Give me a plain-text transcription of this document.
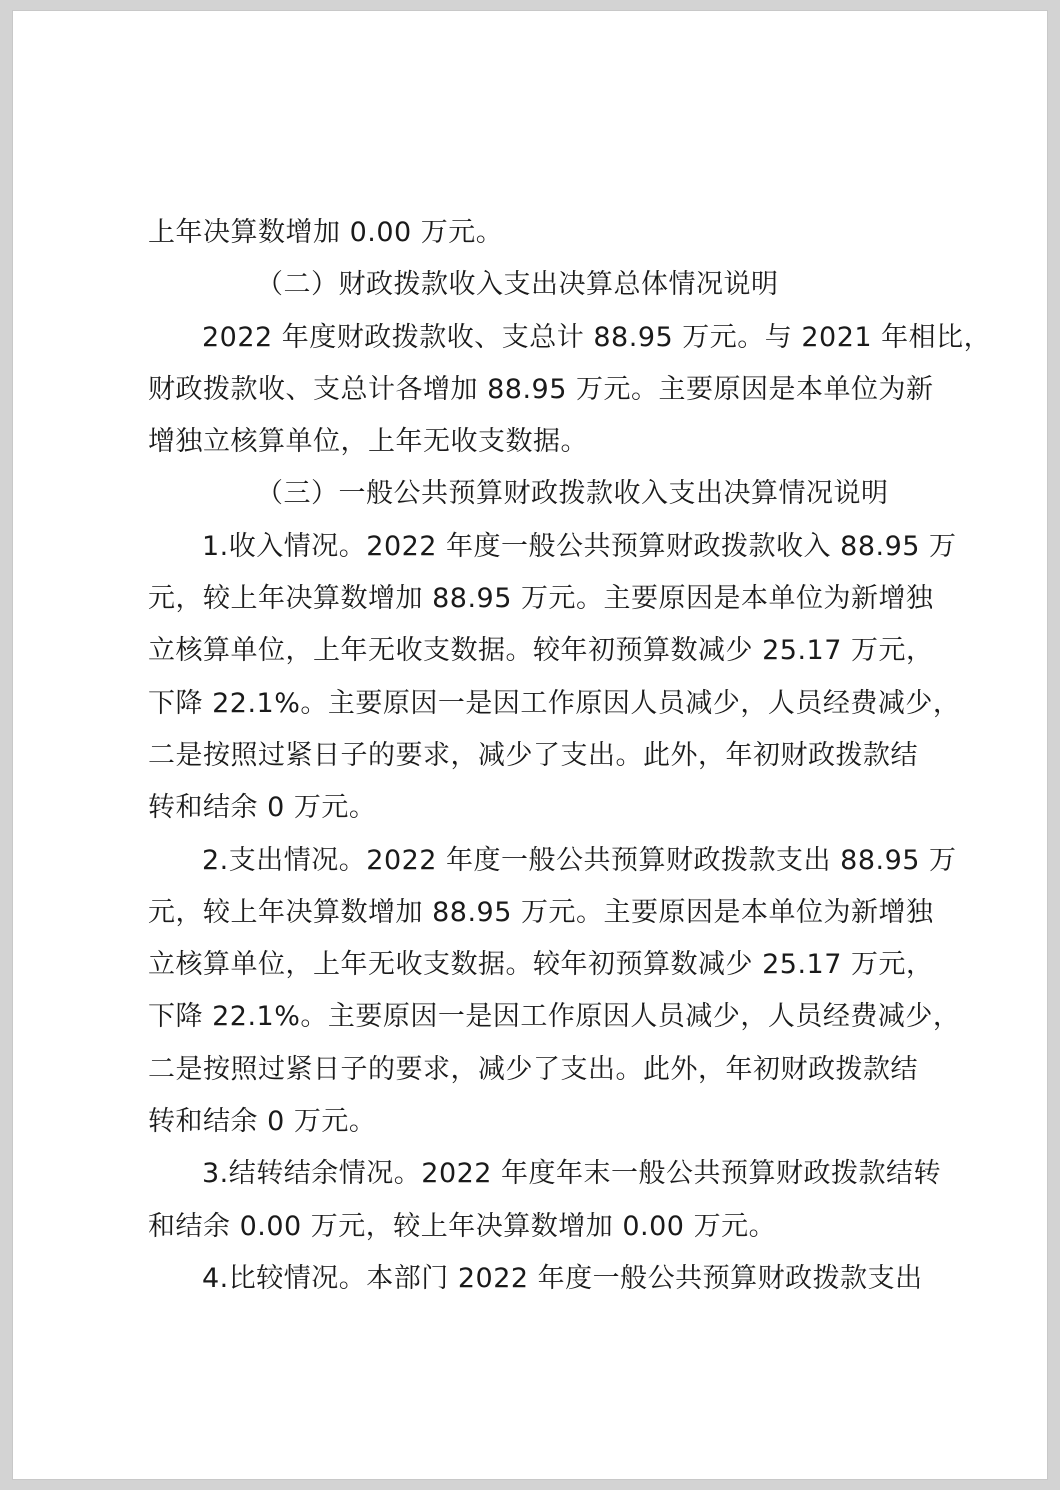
上年决算数增加 0.00 万元。

（二）财政拨款收入支出决算总体情况说明

2022 年度财政拨款收、支总计 88.95 万元。与 2021 年相比，
财政拨款收、支总计各增加 88.95 万元。主要原因是本单位为新
增独立核算单位，上年无收支数据。

（三）一般公共预算财政拨款收入支出决算情况说明

1.收入情况。2022 年度一般公共预算财政拨款收入 88.95 万
元，较上年决算数增加 88.95 万元。主要原因是本单位为新增独
立核算单位，上年无收支数据。较年初预算数减少 25.17 万元，
下降 22.1%。主要原因一是因工作原因人员减少，人员经费减少，
二是按照过紧日子的要求，减少了支出。此外，年初财政拨款结
转和结余 0 万元。

2.支出情况。2022 年度一般公共预算财政拨款支出 88.95 万
元，较上年决算数增加 88.95 万元。主要原因是本单位为新增独
立核算单位，上年无收支数据。较年初预算数减少 25.17 万元，
下降 22.1%。主要原因一是因工作原因人员减少，人员经费减少，
二是按照过紧日子的要求，减少了支出。此外，年初财政拨款结
转和结余 0 万元。

3.结转结余情况。2022 年度年末一般公共预算财政拨款结转
和结余 0.00 万元，较上年决算数增加 0.00 万元。

4.比较情况。本部门 2022 年度一般公共预算财政拨款支出
